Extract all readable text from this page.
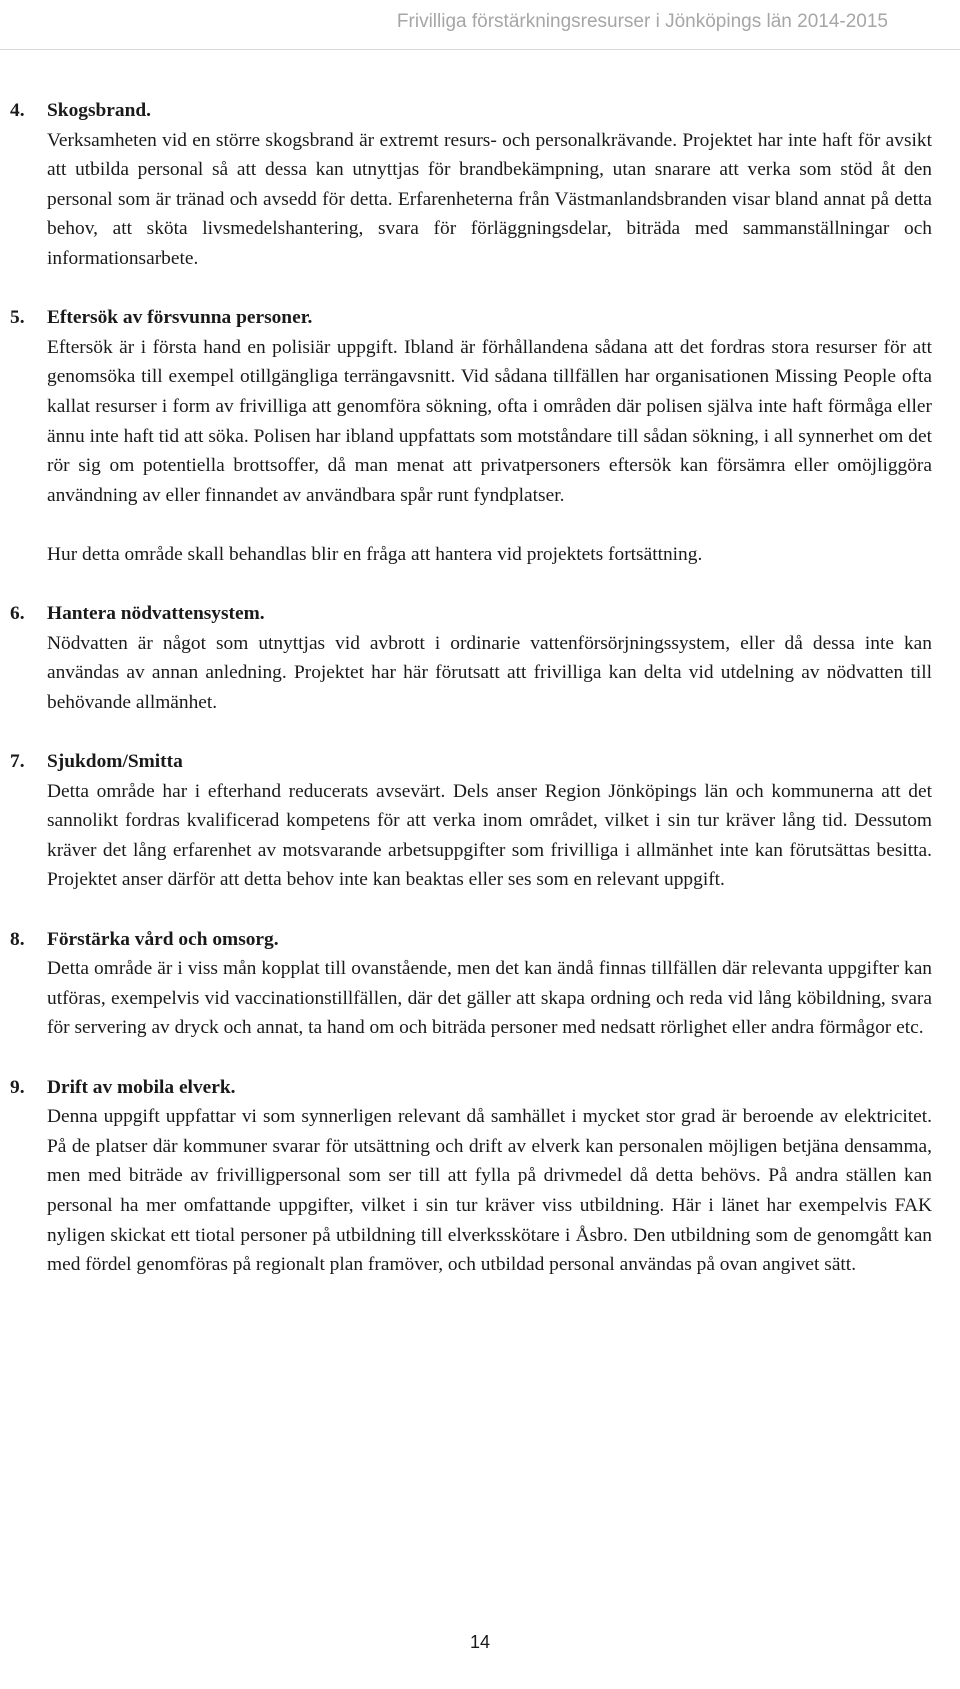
Frivilliga förstärkningsresurser i Jönköpings län 2014-2015
4.	Skogsbrand.

Verksamheten vid en större skogsbrand är extremt resurs- och personalkrävande. Projektet har inte haft för avsikt att utbilda personal så att dessa kan utnyttjas för brandbekämpning, utan snarare att verka som stöd åt den personal som är tränad och avsedd för detta. Erfarenheterna från Västmanlandsbranden visar bland annat på detta behov, att sköta livsmedelshantering, svara för förläggningsdelar, biträda med sammanställningar och informationsarbete.

5.	Eftersök av försvunna personer.

Eftersök är i första hand en polisiär uppgift. Ibland är förhållandena sådana att det fordras stora resurser för att genomsöka till exempel otillgängliga terrängavsnitt. Vid sådana tillfällen har organisationen Missing People ofta kallat resurser i form av frivilliga att genomföra sökning, ofta i områden där polisen själva inte haft förmåga eller ännu inte haft tid att söka. Polisen har ibland uppfattats som motståndare till sådan sökning, i all synnerhet om det rör sig om potentiella brottsoffer, då man menat att privatpersoners eftersök kan försämra eller omöjliggöra användning av eller finnandet av användbara spår runt fyndplatser.

Hur detta område skall behandlas blir en fråga att hantera vid projektets fortsättning.

6.	Hantera nödvattensystem.

Nödvatten är något som utnyttjas vid avbrott i ordinarie vattenförsörjningssystem, eller då dessa inte kan användas av annan anledning. Projektet har här förutsatt att frivilliga kan delta vid utdelning av nödvatten till behövande allmänhet.

7.	Sjukdom/Smitta

Detta område har i efterhand reducerats avsevärt. Dels anser Region Jönköpings län och kommunerna att det sannolikt fordras kvalificerad kompetens för att verka inom området, vilket i sin tur kräver lång tid. Dessutom kräver det lång erfarenhet av motsvarande arbetsuppgifter som frivilliga i allmänhet inte kan förutsättas besitta. Projektet anser därför att detta behov inte kan beaktas eller ses som en relevant uppgift.

8.	Förstärka vård och omsorg.

Detta område är i viss mån kopplat till ovanstående, men det kan ändå finnas tillfällen där relevanta uppgifter kan utföras, exempelvis vid vaccinationstillfällen, där det gäller att skapa ordning och reda vid lång köbildning, svara för servering av dryck och annat, ta hand om och biträda personer med nedsatt rörlighet eller andra förmågor etc.

9.	Drift av mobila elverk.

Denna uppgift uppfattar vi som synnerligen relevant då samhället i mycket stor grad är beroende av elektricitet. På de platser där kommuner svarar för utsättning och drift av elverk kan personalen möjligen betjäna densamma, men med biträde av frivilligpersonal som ser till att fylla på drivmedel då detta behövs. På andra ställen kan personal ha mer omfattande uppgifter, vilket i sin tur kräver viss utbildning. Här i länet har exempelvis FAK nyligen skickat ett tiotal personer på utbildning till elverksskötare i Åsbro. Den utbildning som de genomgått kan med fördel genomföras på regionalt plan framöver, och utbildad personal användas på ovan angivet sätt.

14
